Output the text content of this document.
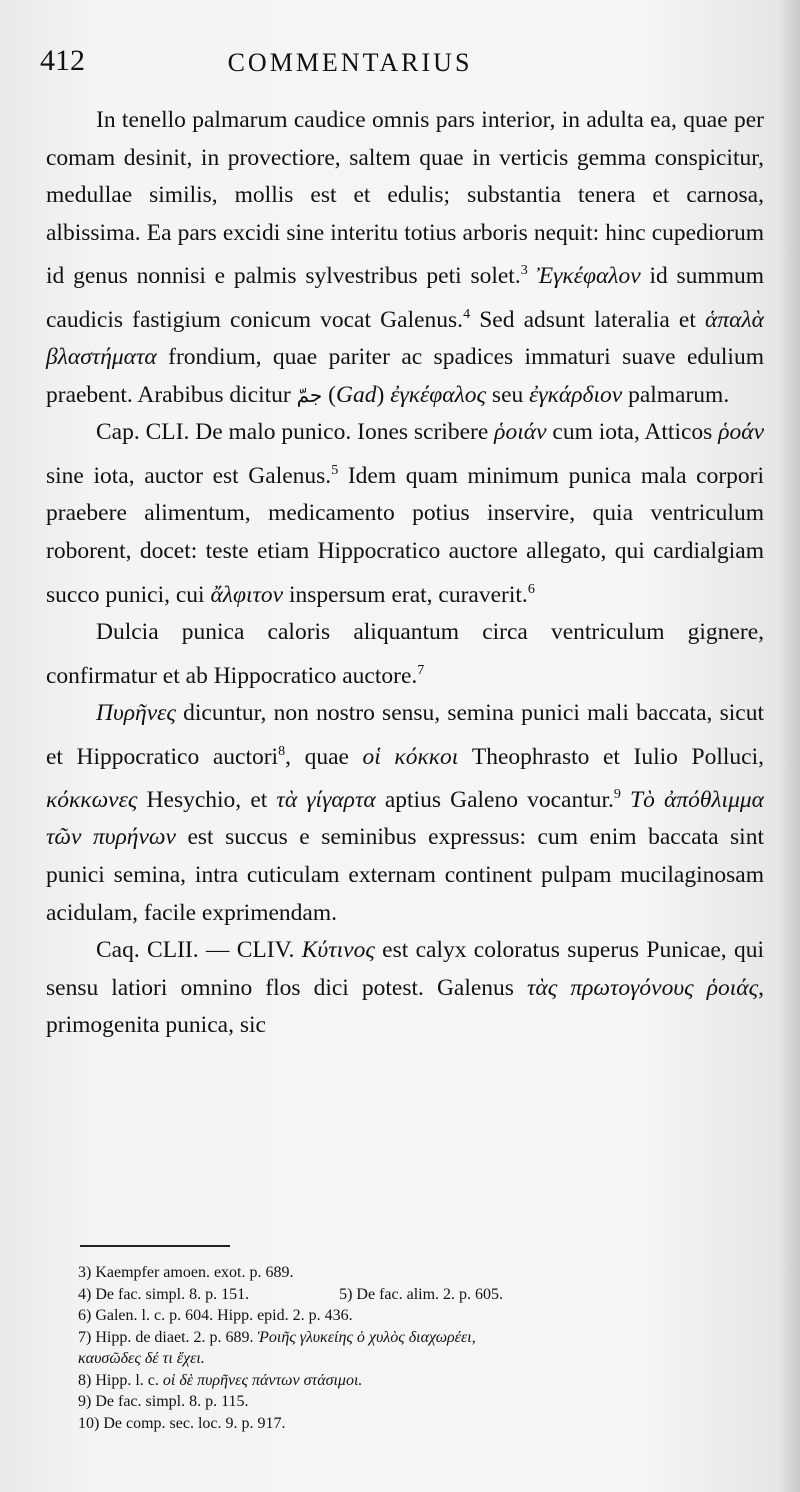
412	COMMENTARIUS

In tenello palmarum caudice omnis pars interior, in adulta ea, quae per comam desinit, in provectiore, saltem quae in verticis gemma conspicitur, medullae similis, mollis est et edulis; substantia tenera et carnosa, albissima. Ea pars excidi sine interitu totius arboris nequit: hinc cupediorum id genus nonnisi e palmis sylvestribus peti solet.$^3$ Ἐγκέφαλον id summum caudicis fastigium conicum vocat Galenus.$^4$ Sed adsunt lateralia et ἁπαλὰ βλαστήματα frondium, quae pariter ac spadices immaturi suave edulium praebent. Arabibus dicitur جمّ (Gad) ἐγκέφαλος seu ἐγκάρδιον palmarum.

Cap. CLI. De malo punico. Iones scribere ῥοιάν cum iota, Atticos ῥοάν sine iota, auctor est Galenus.$^5$ Idem quam minimum punica mala corpori praebere alimentum, medicamento potius inservire, quia ventriculum roborent, docet: teste etiam Hippocratico auctore allegato, qui cardialgiam succo punici, cui ἄλφιτον inspersum erat, curaverit.$^6$

Dulcia punica caloris aliquantum circa ventriculum gignere, confirmatur et ab Hippocratico auctore.$^7$

Πυρῆνες dicuntur, non nostro sensu, semina punici mali baccata, sicut et Hippocratico auctori$^8$, quae οἱ κόκκοι Theophrasto et Iulio Polluci, κόκκωνες Hesychio, et τὰ γίγαρτα aptius Galeno vocantur.$^9$ Τὸ ἀπόθλιμμα τῶν πυρήνων est succus e seminibus expressus: cum enim baccata sint punici semina, intra cuticulam externam continent pulpam mucilaginosam acidulam, facile exprimendam.

Caq. CLII. — CLIV. Κύτινος est calyx coloratus superus Punicae, qui sensu latiori omnino flos dici potest. Galenus τὰς πρωτογόνους ῥοιάς, primogenita punica, sic

3) Kaempfer amoen. exot. p. 689.
4) De fac. simpl. 8. p. 151.	5) De fac. alim. 2. p. 605.
6) Galen. l. c. p. 604. Hipp. epid. 2. p. 436.
7) Hipp. de diaet. 2. p. 689. Ῥοιῆς γλυκείης ὁ χυλὸς διαχωρέει,
καυσῶδες δέ τι ἔχει.
8) Hipp. l. c. οἱ δὲ πυρῆνες πάντων στάσιμοι.
9) De fac. simpl. 8. p. 115.
10) De comp. sec. loc. 9. p. 917.
